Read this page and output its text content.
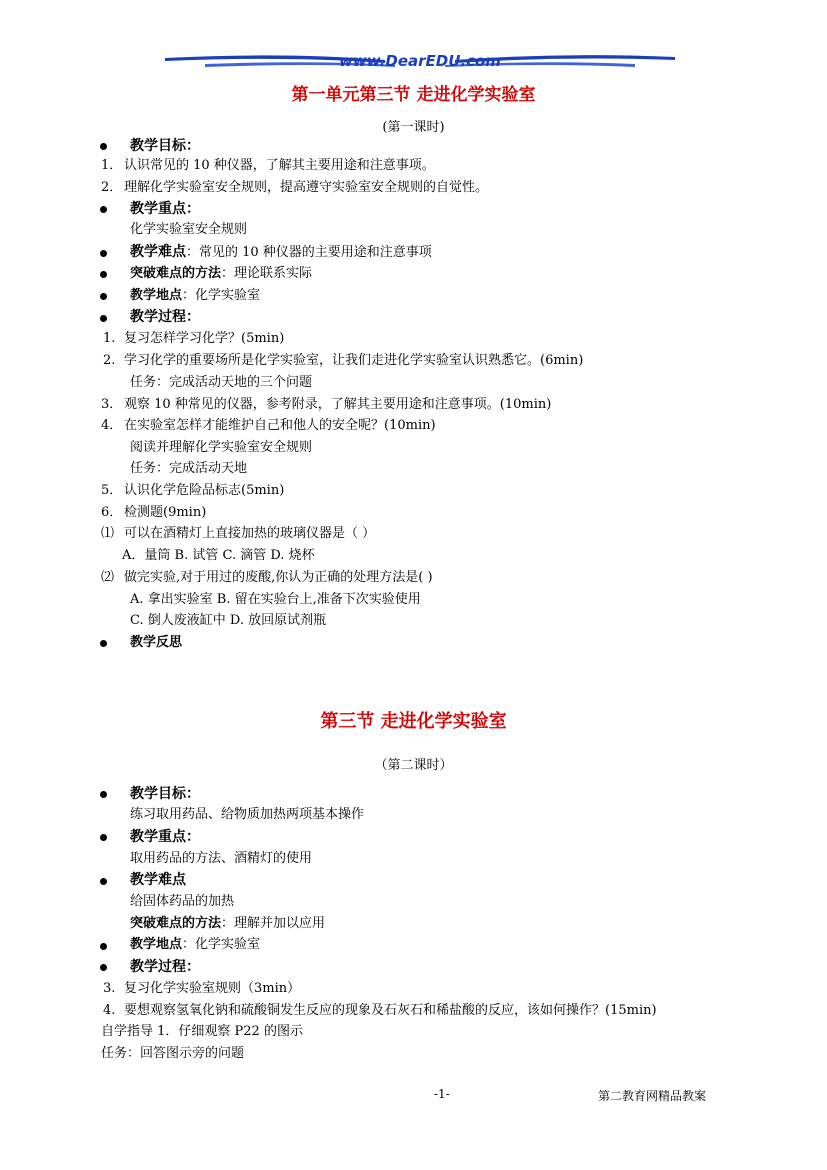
www.DearEDU.com
第一单元第三节 走进化学实验室
(第一课时)
教学目标：
1． 认识常见的 10 种仪器，了解其主要用途和注意事项。
2． 理解化学实验室安全规则，提高遵守实验室安全规则的自觉性。
教学重点：
化学实验室安全规则
教学难点：常见的 10 种仪器的主要用途和注意事项
突破难点的方法：理论联系实际
教学地点：化学实验室
教学过程：
1. 复习怎样学习化学？(5min)
2. 学习化学的重要场所是化学实验室，让我们走进化学实验室认识熟悉它。(6min)
任务：完成活动天地的三个问题
3． 观察 10 种常见的仪器，参考附录，了解其主要用途和注意事项。(10min)
4． 在实验室怎样才能维护自己和他人的安全呢？(10min)
阅读并理解化学实验室安全规则
任务：完成活动天地
5． 认识化学危险品标志(5min)
6． 检测题(9min)
⑴ 可以在酒精灯上直接加热的玻璃仪器是（ ）
A．量筒 B. 试管 C. 滴管 D. 烧杯
⑵ 做完实验,对于用过的废酸,你认为正确的处理方法是( )
A. 拿出实验室 B. 留在实验台上,准备下次实验使用
C. 倒人废液缸中 D. 放回原试剂瓶
教学反思
第三节 走进化学实验室
（第二课时）
教学目标：
练习取用药品、给物质加热两项基本操作
教学重点：
取用药品的方法、酒精灯的使用
教学难点
给固体药品的加热
突破难点的方法：理解并加以应用
教学地点：化学实验室
教学过程：
3. 复习化学实验室规则（3min）
4. 要想观察氢氧化钠和硫酸铜发生反应的现象及石灰石和稀盐酸的反应，该如何操作？(15min)
自学指导 1．仔细观察 P22 的图示
任务：回答图示旁的问题
-1-	第二教育网精品教案
